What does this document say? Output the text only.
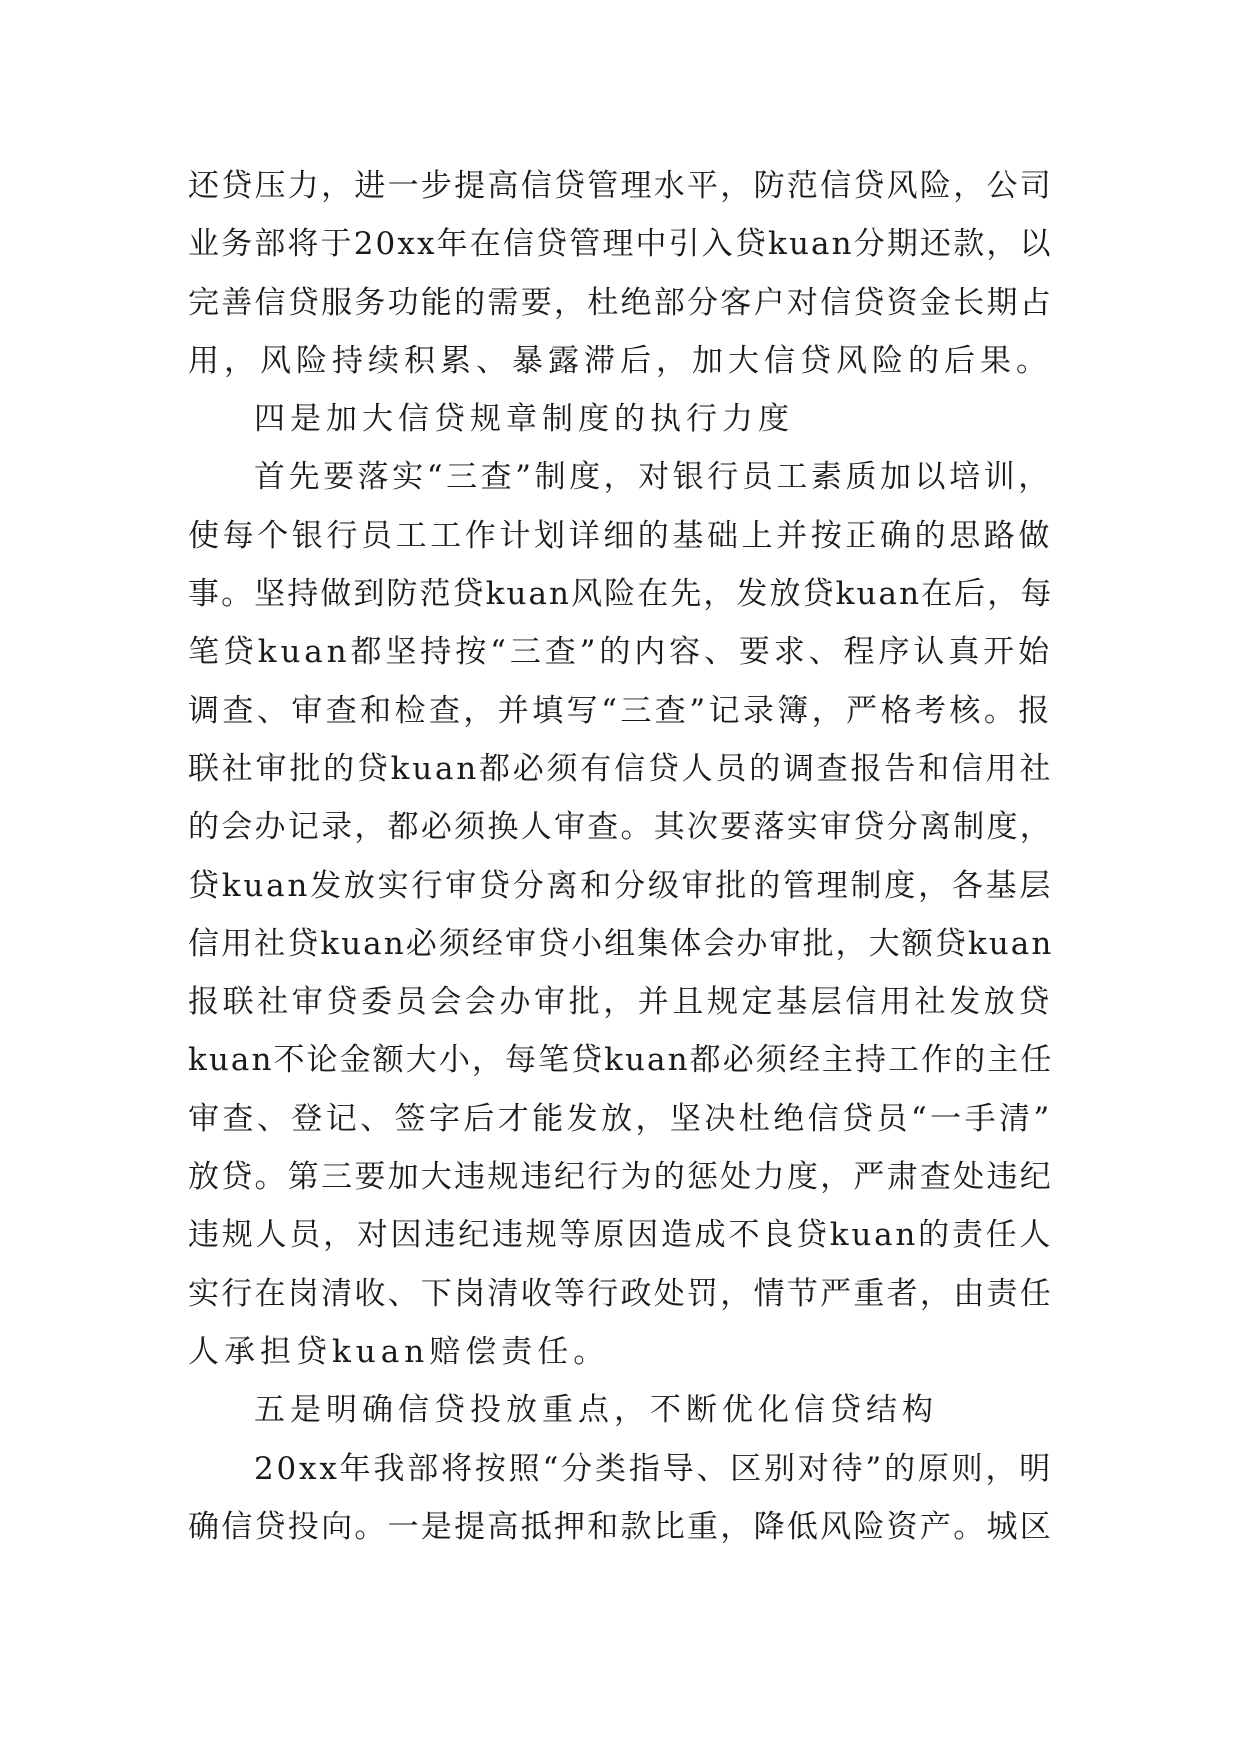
还贷压力，进一步提高信贷管理水平，防范信贷风险，公司
业务部将于20xx年在信贷管理中引入贷kuan分期还款，以
完善信贷服务功能的需要，杜绝部分客户对信贷资金长期占
用，风险持续积累、暴露滞后，加大信贷风险的后果。
四是加大信贷规章制度的执行力度
首先要落实“三查”制度，对银行员工素质加以培训，
使每个银行员工工作计划详细的基础上并按正确的思路做
事。坚持做到防范贷kuan风险在先，发放贷kuan在后，每
笔贷kuan都坚持按“三查”的内容、要求、程序认真开始
调查、审查和检查，并填写“三查”记录簿，严格考核。报
联社审批的贷kuan都必须有信贷人员的调查报告和信用社
的会办记录，都必须换人审查。其次要落实审贷分离制度，
贷kuan发放实行审贷分离和分级审批的管理制度，各基层
信用社贷kuan必须经审贷小组集体会办审批，大额贷kuan
报联社审贷委员会会办审批，并且规定基层信用社发放贷
kuan不论金额大小，每笔贷kuan都必须经主持工作的主任
审查、登记、签字后才能发放，坚决杜绝信贷员“一手清”
放贷。第三要加大违规违纪行为的惩处力度，严肃查处违纪
违规人员，对因违纪违规等原因造成不良贷kuan的责任人
实行在岗清收、下岗清收等行政处罚，情节严重者，由责任
人承担贷kuan赔偿责任。
五是明确信贷投放重点，不断优化信贷结构
20xx年我部将按照“分类指导、区别对待”的原则，明
确信贷投向。一是提高抵押和款比重，降低风险资产。城区
